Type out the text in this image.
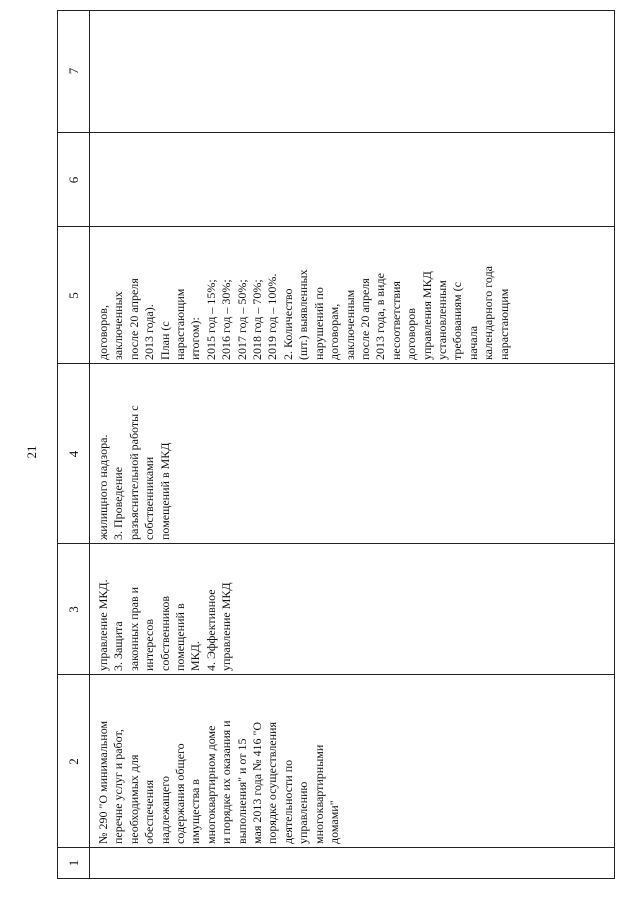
21
1
2
3
4
5
6
7
№ 290 "О минимальном перечне услуг и работ, необходимых для обеспечения надлежащего содержания общего имущества в многоквартирном доме и порядке их оказания и выполнения" и от 15 мая 2013 года № 416 "О порядке осуществления деятельности по управлению многоквартирными домами"
управление МКД. 3. Защита законных прав и интересов собственников помещений в МКД. 4. Эффективное управление МКД
жилищного надзора. 3. Проведение разъяснительной работы с собственниками помещений в МКД
договоров, заключенных после 20 апреля 2013 года). План (с нарастающим итогом): 2015 год – 15%; 2016 год – 30%; 2017 год – 50%; 2018 год – 70%; 2019 год – 100%. 2. Количество (шт.) выявленных нарушений по договорам, заключенным после 20 апреля 2013 года, в виде несоответствия договоров управления МКД установленным требованиям (с начала календарного года нарастающим
